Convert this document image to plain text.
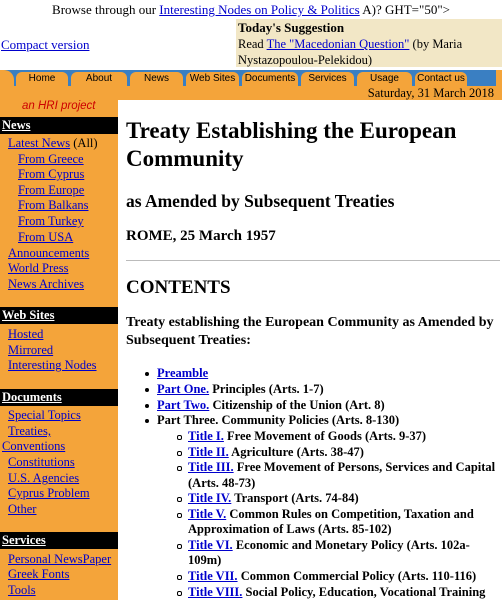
Browse through our Interesting Nodes on Policy & Politics A)? GHT="50">
Compact version
Today's Suggestion
Read The "Macedonian Question" (by Maria
Nystazopoulou-Pelekidou)
Home	About	News	Web Sites Documents	Services	Usage	Contact us
Saturday, 31 March 2018
an HRI project
News
Latest News (All)
From Greece
From Cyprus
From Europe
From Balkans
From Turkey
From USA
Announcements
World Press
News Archives
Web Sites
Hosted
Mirrored
Interesting Nodes
Documents
Special Topics
Treaties,
Conventions
Constitutions
U.S. Agencies
Cyprus Problem
Other
Services
Personal NewsPaper
Greek Fonts
Tools
Treaty Establishing the European Community
as Amended by Subsequent Treaties
ROME, 25 March 1957
CONTENTS
Treaty establishing the European Community as Amended by Subsequent Treaties:
Preamble
Part One. Principles (Arts. 1-7)
Part Two. Citizenship of the Union (Art. 8)
Part Three. Community Policies (Arts. 8-130)
Title I. Free Movement of Goods (Arts. 9-37)
Title II. Agriculture (Arts. 38-47)
Title III. Free Movement of Persons, Services and Capital
(Arts. 48-73)
Title IV. Transport (Arts. 74-84)
Title V. Common Rules on Competition, Taxation and
Approximation of Laws (Arts. 85-102)
Title VI. Economic and Monetary Policy (Arts. 102a-
109m)
Title VII. Common Commercial Policy (Arts. 110-116)
Title VIII. Social Policy, Education, Vocational Training
